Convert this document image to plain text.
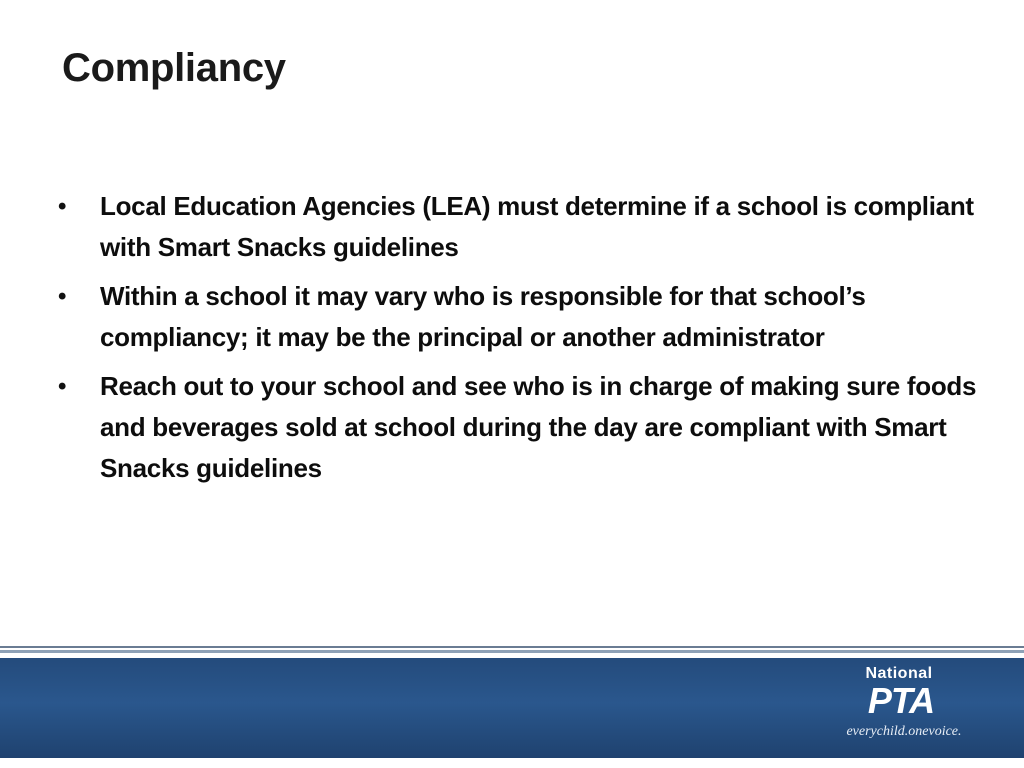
Compliancy
•	Local Education Agencies (LEA) must determine if a school is compliant with Smart Snacks guidelines
•	Within a school it may vary who is responsible for that school’s compliancy; it may be the principal or another administrator
•	Reach out to your school and see who is in charge of making sure foods and beverages sold at school during the day are compliant with Smart Snacks guidelines
National
PTA
everychild.onevoice.
